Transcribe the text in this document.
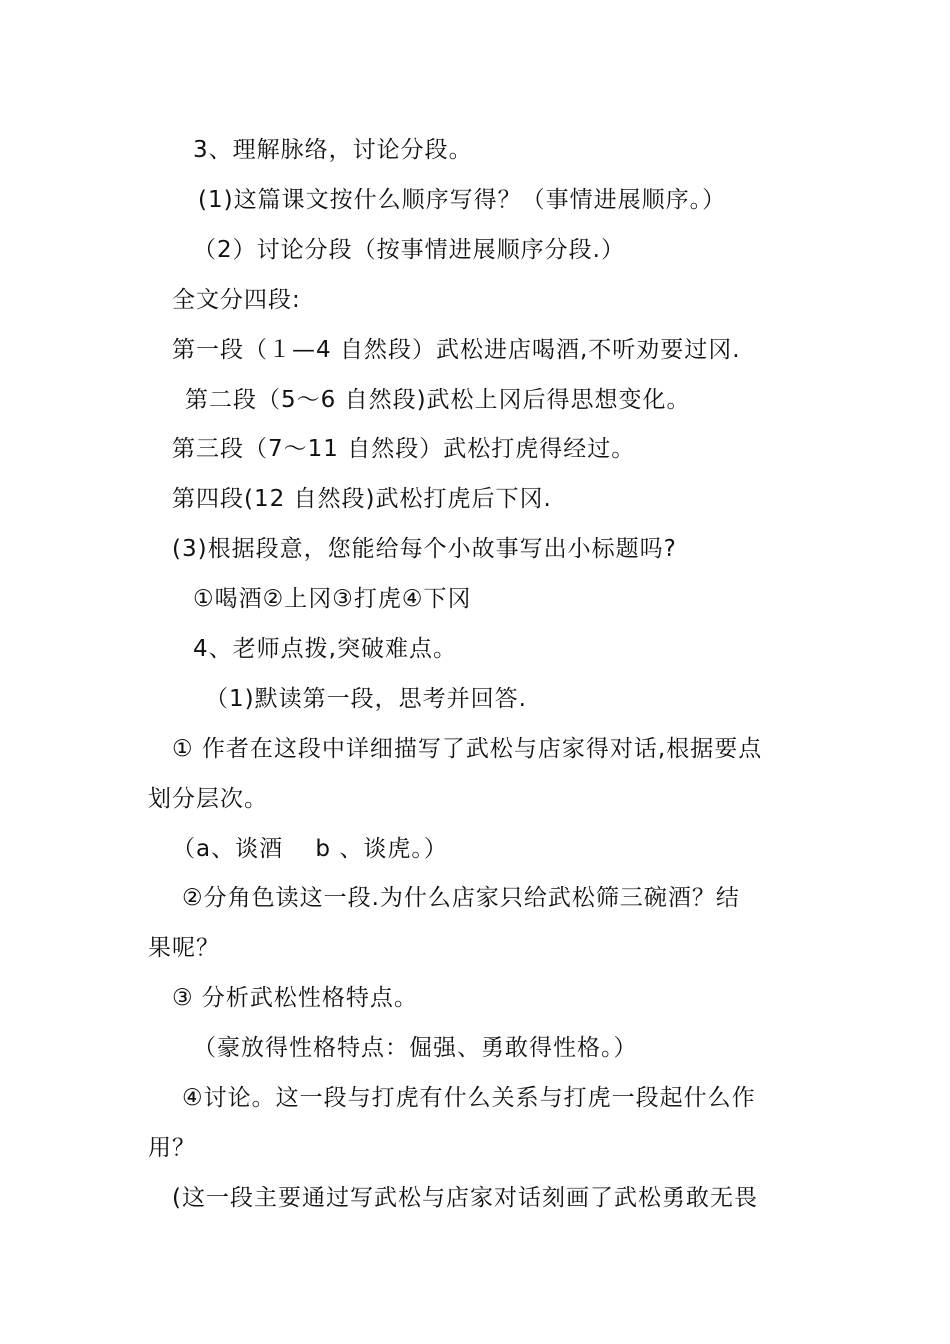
3、理解脉络，讨论分段。
(1)这篇课文按什么顺序写得？（事情进展顺序。）
（2）讨论分段（按事情进展顺序分段.）
全文分四段:
第一段（１—4 自然段）武松进店喝酒,不听劝要过冈.
第二段（5～6 自然段)武松上冈后得思想变化。
第三段（7～11 自然段）武松打虎得经过。
第四段(12 自然段)武松打虎后下冈.
(3)根据段意，您能给每个小故事写出小标题吗?
①喝酒②上冈③打虎④下冈
4、老师点拨,突破难点。
（1)默读第一段，思考并回答.
① 作者在这段中详细描写了武松与店家得对话,根据要点
划分层次。
（a、谈酒　 b 、谈虎。）
②分角色读这一段.为什么店家只给武松筛三碗酒？结
果呢？
③ 分析武松性格特点。
（豪放得性格特点：倔强、勇敢得性格。）
④讨论。这一段与打虎有什么关系与打虎一段起什么作
用？
(这一段主要通过写武松与店家对话刻画了武松勇敢无畏
